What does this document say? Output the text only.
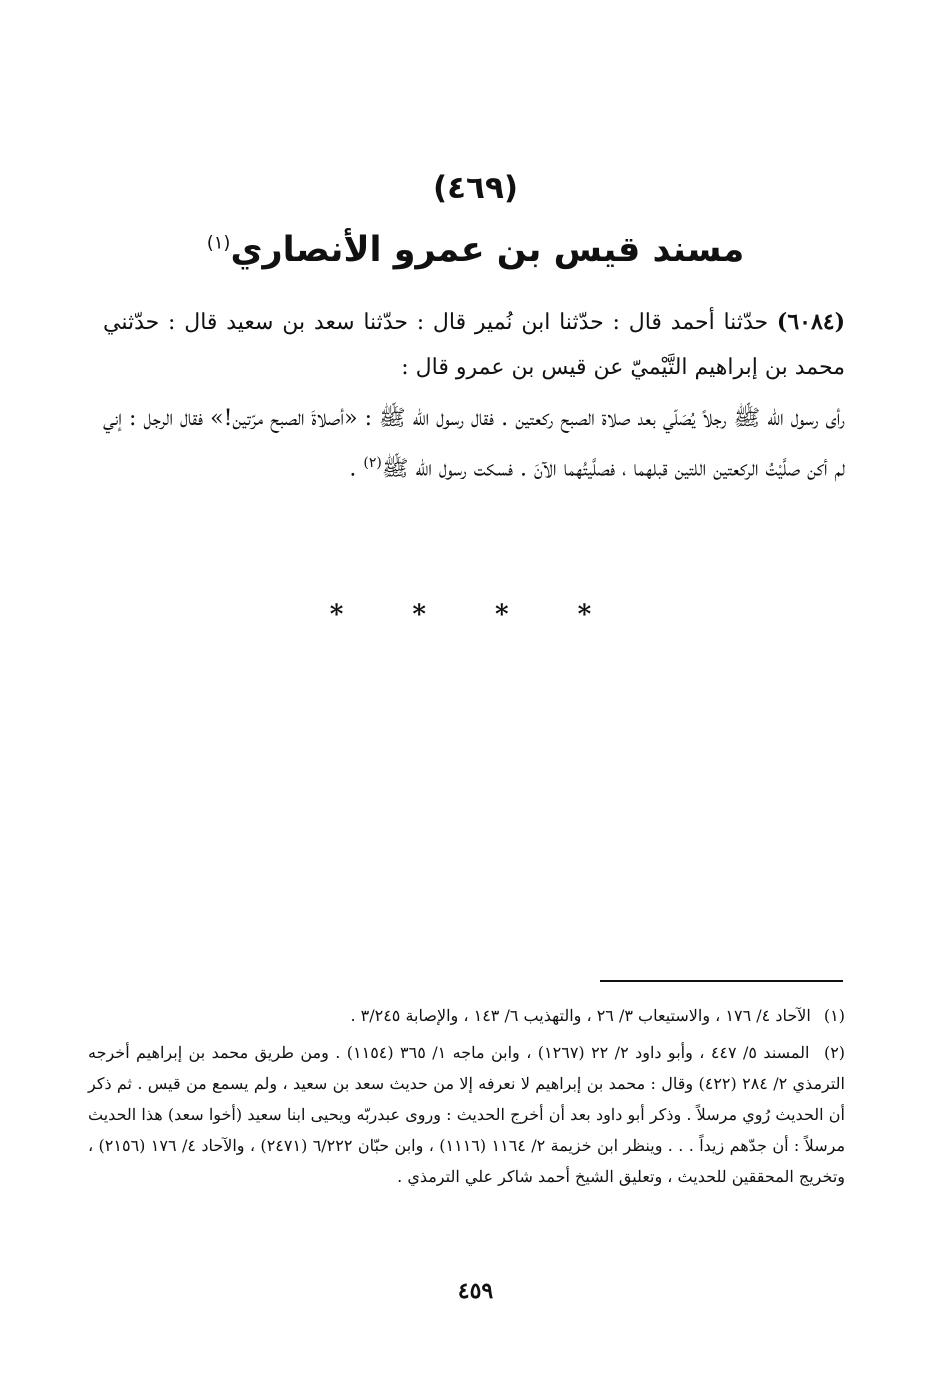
(٤٦٩)
مسند قيس بن عمرو الأنصاري$^{(١)}$

(٦٠٨٤) حدّثنا أحمد قال : حدّثنا ابن نُمير قال : حدّثنا سعد بن سعيد قال : حدّثني محمد بن إبراهيم التَّيْميّ عن قيس بن عمرو قال :

رأى رسول الله ﷺ رجلاً يُصَلّي بعد صلاة الصبح ركعتين . فقال رسول الله ﷺ : «أصلاةَ الصبح مرّتين!» فقال الرجل : إني لم أكن صلَّيْتُ الركعتين اللتين قبلهما ، فصلَّيتُهما الآنَ . فسكت رسول الله ﷺ$^{(٢)}$ .

* * * *

(١) الآحاد ٤/ ١٧٦ ، والاستيعاب ٣/ ٢٦ ، والتهذيب ٦/ ١٤٣ ، والإصابة ٣/٢٤٥ .

(٢) المسند ٥/ ٤٤٧ ، وأبو داود ٢/ ٢٢ (١٢٦٧) ، وابن ماجه ١/ ٣٦٥ (١١٥٤) . ومن طريق محمد بن إبراهيم أخرجه الترمذي ٢/ ٢٨٤ (٤٢٢) وقال : محمد بن إبراهيم لا نعرفه إلا من حديث سعد بن سعيد ، ولم يسمع من قيس . ثم ذكر أن الحديث رُوي مرسلاً . وذكر أبو داود بعد أن أخرج الحديث : وروى عبدربّه ويحيى ابنا سعيد (أخوا سعد) هذا الحديث مرسلاً : أن جدّهم زيداً . . . وينظر ابن خزيمة ٢/ ١١٦٤ (١١١٦) ، وابن حبّان ٦/٢٢٢ (٢٤٧١) ، والآحاد ٤/ ١٧٦ (٢١٥٦) ، وتخريج المحققين للحديث ، وتعليق الشيخ أحمد شاكر علي الترمذي .

٤٥٩
